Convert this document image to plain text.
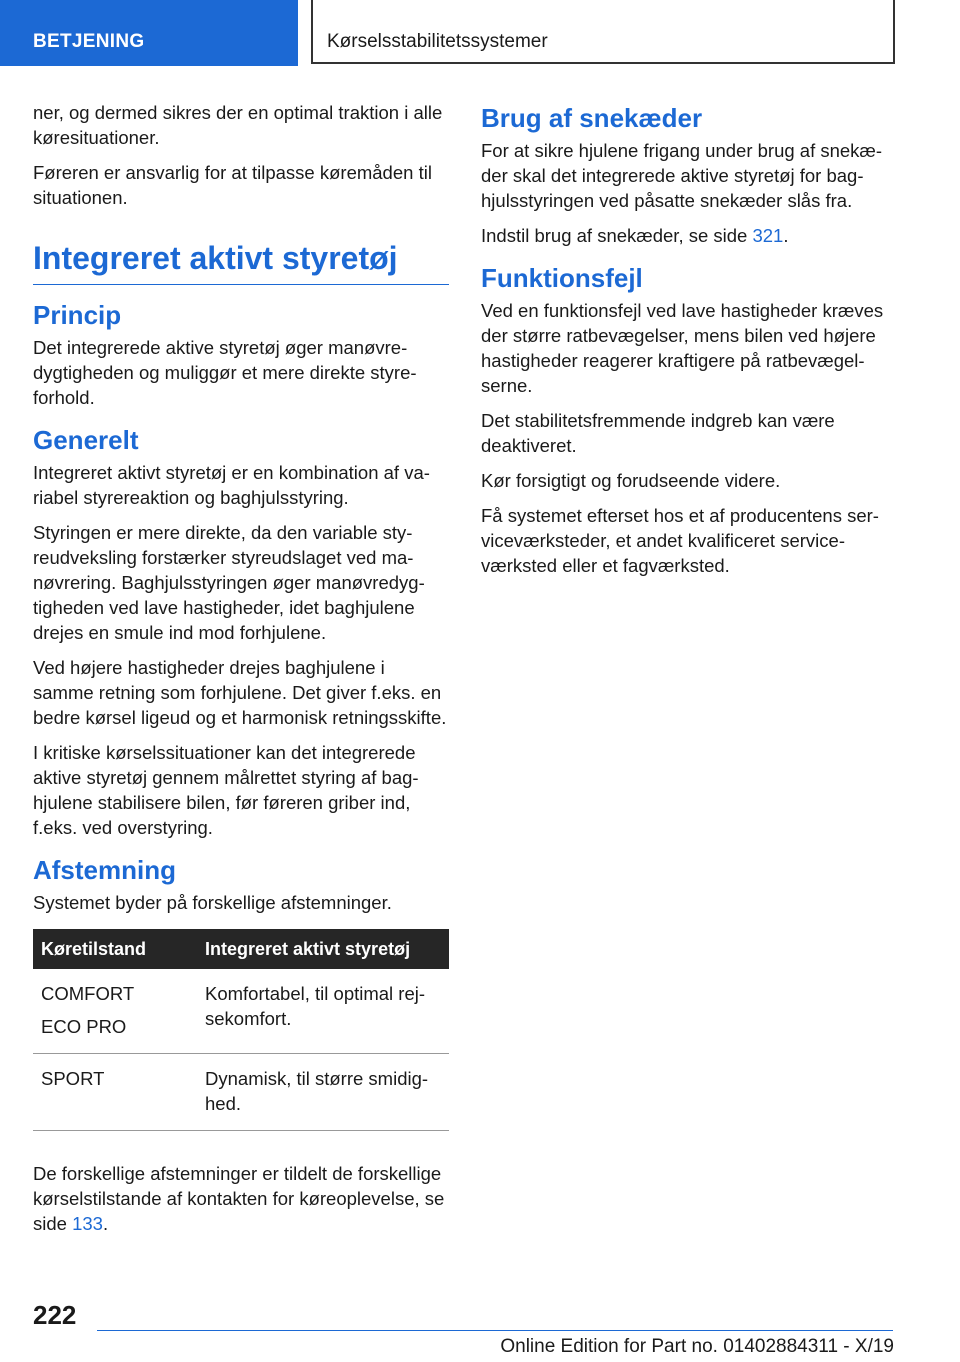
BETJENING	Kørselsstabilitetssystemer

ner, og dermed sikres der en optimal traktion i alle køresituationer.

Føreren er ansvarlig for at tilpasse køremåden til situationen.

Integreret aktivt styretøj
Princip

Det integrerede aktive styretøj øger manøvredygtigheden og muliggør et mere direkte styreforhold.

Generelt

Integreret aktivt styretøj er en kombination af variabel styrereaktion og baghjulsstyring.

Styringen er mere direkte, da den variable styreudveksling forstærker styreudslaget ved manøvrering. Baghjulsstyringen øger manøvredygtigheden ved lave hastigheder, idet baghjulene drejes en smule ind mod forhjulene.

Ved højere hastigheder drejes baghjulene i samme retning som forhjulene. Det giver f.eks. en bedre kørsel ligeud og et harmonisk retningsskifte.

I kritiske kørselssituationer kan det integrerede aktive styretøj gennem målrettet styring af baghjulene stabilisere bilen, før føreren griber ind, f.eks. ved overstyring.

Afstemning

Systemet byder på forskellige afstemninger.

Køretilstand	Integreret aktivt styretøj

COMFORT
ECO PRO	Komfortabel, til optimal rejsekomfort.
SPORT	Dynamisk, til større smidighed.

De forskellige afstemninger er tildelt de forskellige kørselstilstande af kontakten for køreoplevelse, se side 133.

Brug af snekæder

For at sikre hjulene frigang under brug af snekæder skal det integrerede aktive styretøj for baghjulsstyringen ved påsatte snekæder slås fra.

Indstil brug af snekæder, se side 321.

Funktionsfejl

Ved en funktionsfejl ved lave hastigheder kræves der større ratbevægelser, mens bilen ved højere hastigheder reagerer kraftigere på ratbevægelserne.

Det stabilitetsfremmende indgreb kan være deaktiveret.

Kør forsigtigt og forudseende videre.

Få systemet efterset hos et af producentens serviceværksteder, et andet kvalificeret serviceværksted eller et fagværksted.

222
Online Edition for Part no. 01402884311 - X/19
